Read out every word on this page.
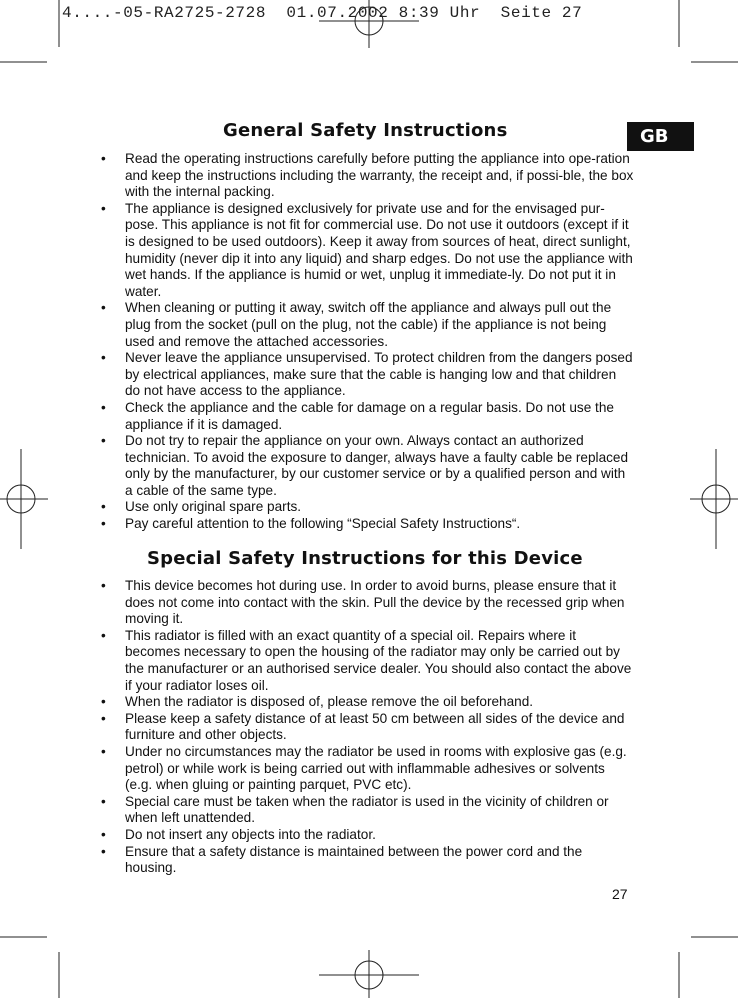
4....-05-RA2725-2728  01.07.2002 8:39 Uhr  Seite 27
GB
General Safety Instructions
• Read the operating instructions carefully before putting the appliance into ope-ration and keep the instructions including the warranty, the receipt and, if possi-ble, the box with the internal packing.
• The appliance is designed exclusively for private use and for the envisaged pur-pose. This appliance is not fit for commercial use. Do not use it outdoors (except if it is designed to be used outdoors). Keep it away from sources of heat, direct sunlight, humidity (never dip it into any liquid) and sharp edges. Do not use the appliance with wet hands. If the appliance is humid or wet, unplug it immediate-ly. Do not put it in water.
• When cleaning or putting it away, switch off the appliance and always pull out the plug from the socket (pull on the plug, not the cable) if the appliance is not being used and remove the attached accessories.
• Never leave the appliance unsupervised. To protect children from the dangers posed by electrical appliances, make sure that the cable is hanging low and that children do not have access to the appliance.
• Check the appliance and the cable for damage on a regular basis. Do not use the appliance if it is damaged.
• Do not try to repair the appliance on your own. Always contact an authorized technician. To avoid the exposure to danger, always have a faulty cable be replaced only by the manufacturer, by our customer service or by a qualified person and with a cable of the same type.
• Use only original spare parts.
• Pay careful attention to the following “Special Safety Instructions“.
Special Safety Instructions for this Device
• This device becomes hot during use. In order to avoid burns, please ensure that it does not come into contact with the skin. Pull the device by the recessed grip when moving it.
• This radiator is filled with an exact quantity of a special oil. Repairs where it becomes necessary to open the housing of the radiator may only be carried out by the manufacturer or an authorised service dealer. You should also contact the above if your radiator loses oil.
• When the radiator is disposed of, please remove the oil beforehand.
• Please keep a safety distance of at least 50 cm between all sides of the device and furniture and other objects.
• Under no circumstances may the radiator be used in rooms with explosive gas (e.g. petrol) or while work is being carried out with inflammable adhesives or solvents (e.g. when gluing or painting parquet, PVC etc).
• Special care must be taken when the radiator is used in the vicinity of children or when left unattended.
• Do not insert any objects into the radiator.
• Ensure that a safety distance is maintained between the power cord and the housing.
27
